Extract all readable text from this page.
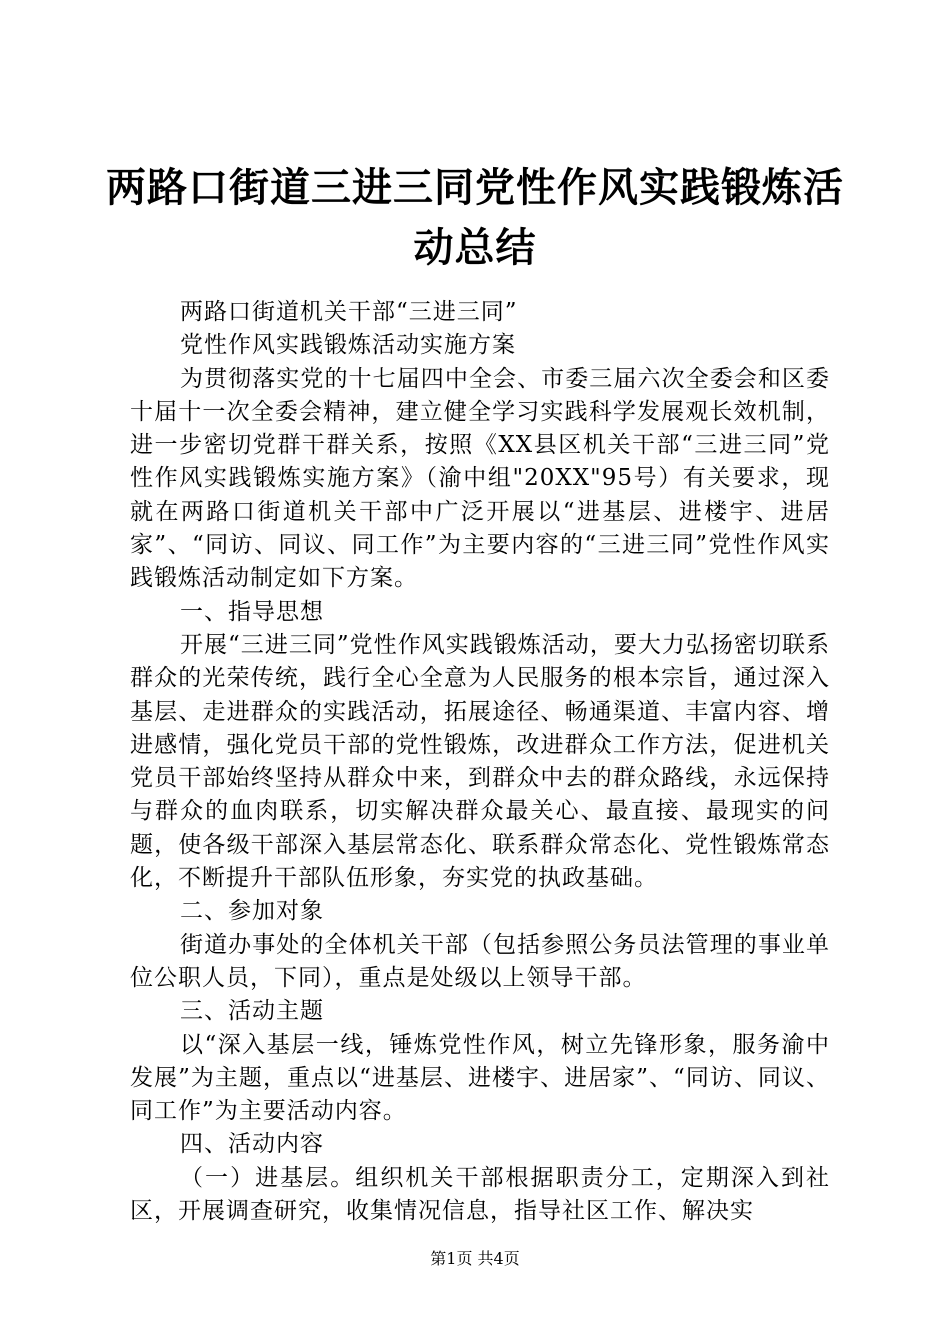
两路口街道三进三同党性作风实践锻炼活动总结

两路口街道机关干部“三进三同”

党性作风实践锻炼活动实施方案

为贯彻落实党的十七届四中全会、市委三届六次全委会和区委十届十一次全委会精神，建立健全学习实践科学发展观长效机制，进一步密切党群干群关系，按照《XX县区机关干部“三进三同”党性作风实践锻炼实施方案》（渝中组"20XX"95号）有关要求，现就在两路口街道机关干部中广泛开展以“进基层、进楼宇、进居家”、“同访、同议、同工作”为主要内容的“三进三同”党性作风实践锻炼活动制定如下方案。

一、指导思想

开展“三进三同”党性作风实践锻炼活动，要大力弘扬密切联系群众的光荣传统，践行全心全意为人民服务的根本宗旨，通过深入基层、走进群众的实践活动，拓展途径、畅通渠道、丰富内容、增进感情，强化党员干部的党性锻炼，改进群众工作方法，促进机关党员干部始终坚持从群众中来，到群众中去的群众路线，永远保持与群众的血肉联系，切实解决群众最关心、最直接、最现实的问题，使各级干部深入基层常态化、联系群众常态化、党性锻炼常态化，不断提升干部队伍形象，夯实党的执政基础。

二、参加对象

街道办事处的全体机关干部（包括参照公务员法管理的事业单位公职人员，下同），重点是处级以上领导干部。

三、活动主题

以“深入基层一线，锤炼党性作风，树立先锋形象，服务渝中发展”为主题，重点以“进基层、进楼宇、进居家”、“同访、同议、同工作”为主要活动内容。

四、活动内容

（一）进基层。组织机关干部根据职责分工，定期深入到社区，开展调查研究，收集情况信息，指导社区工作、解决实

第1页 共4页
